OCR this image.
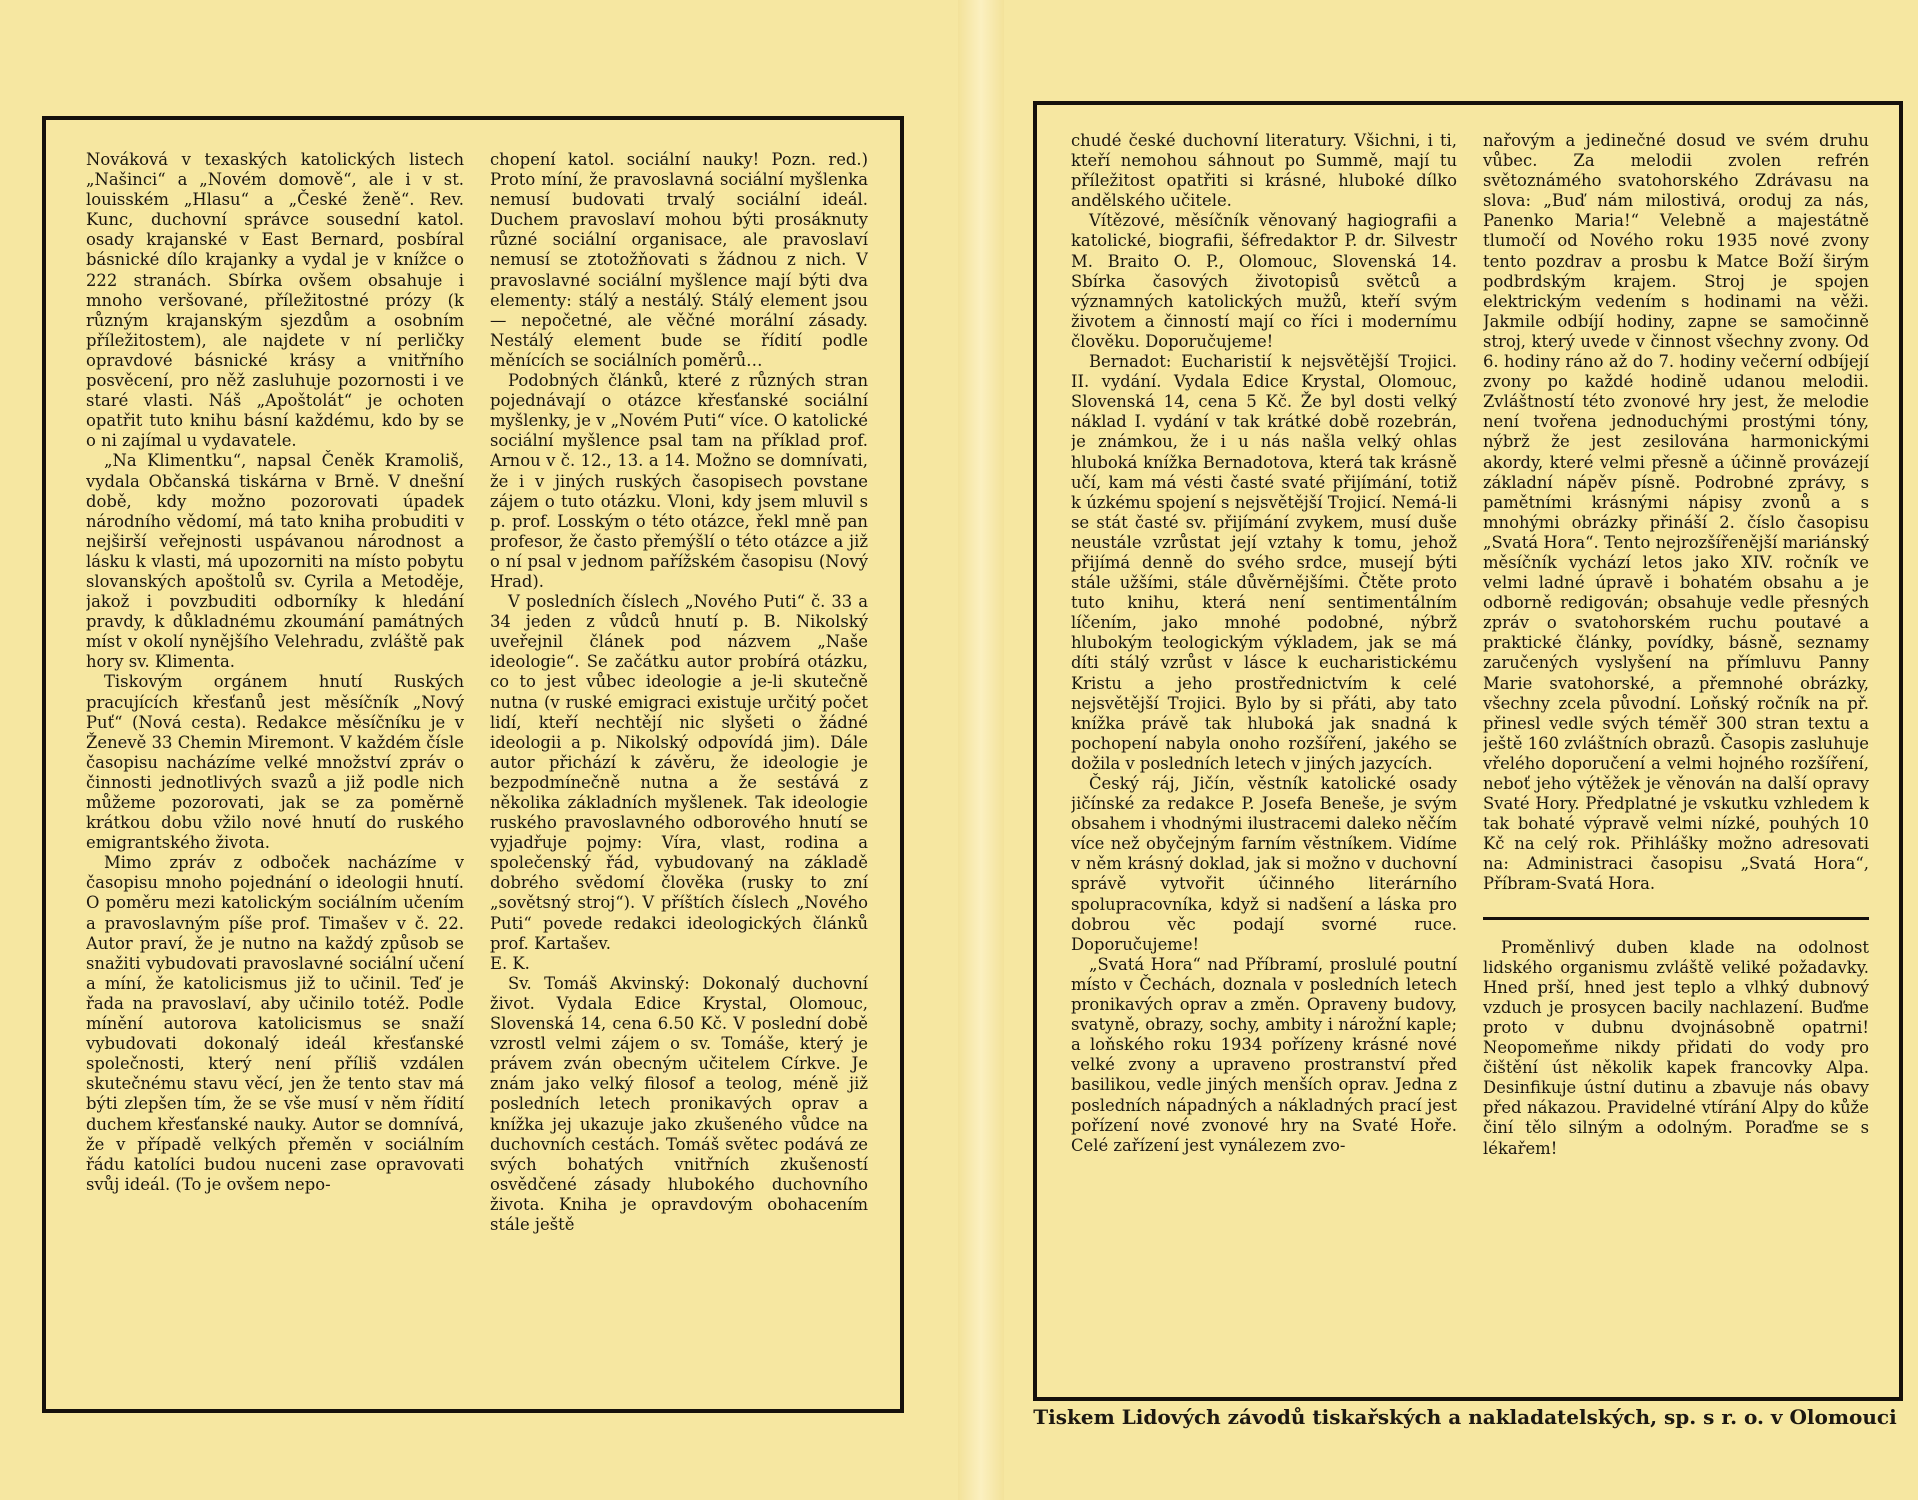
Nováková v texaských katolických listech „Našinci“ a „Novém domově“, ale i v st. louisském „Hlasu“ a „České ženě“. Rev. Kunc, duchovní správce sousední katol. osady krajanské v East Bernard, posbíral básnické dílo krajanky a vydal je v knížce o 222 stranách. Sbírka ovšem obsahuje i mnoho veršované, příležitostné prózy (k různým krajanským sjezdům a osobním příležitostem), ale najdete v ní perličky opravdové básnické krásy a vnitřního posvěcení, pro něž zasluhuje pozornosti i ve staré vlasti. Náš „Apoštolát“ je ochoten opatřit tuto knihu básní každému, kdo by se o ni zajímal u vydavatele.

„Na Klimentku“, napsal Čeněk Kramoliš, vydala Občanská tiskárna v Brně. V dnešní době, kdy možno pozorovati úpadek národního vědomí, má tato kniha probuditi v nejširší veřejnosti uspávanou národnost a lásku k vlasti, má upozorniti na místo pobytu slovanských apoštolů sv. Cyrila a Metoděje, jakož i povzbuditi odborníky k hledání pravdy, k důkladnému zkoumání památných míst v okolí nynějšího Velehradu, zvláště pak hory sv. Klimenta.

Tiskovým orgánem hnutí Ruských pracujících křesťanů jest měsíčník „Nový Puť“ (Nová cesta). Redakce měsíčníku je v Ženevě 33 Chemin Miremont. V každém čísle časopisu nacházíme velké množství zpráv o činnosti jednotlivých svazů a již podle nich můžeme pozorovati, jak se za poměrně krátkou dobu vžilo nové hnutí do ruského emigrantského života.

Mimo zpráv z odboček nacházíme v časopisu mnoho pojednání o ideologii hnutí. O poměru mezi katolickým sociálním učením a pravoslavným píše prof. Timašev v č. 22. Autor praví, že je nutno na každý způsob se snažiti vybudovati pravoslavné sociální učení a míní, že katolicismus již to učinil. Teď je řada na pravoslaví, aby učinilo totéž. Podle mínění autorova katolicismus se snaží vybudovati dokonalý ideál křesťanské společnosti, který není příliš vzdálen skutečnému stavu věcí, jen že tento stav má býti zlepšen tím, že se vše musí v něm řídití duchem křesťanské nauky. Autor se domnívá, že v případě velkých přeměn v sociálním řádu katolíci budou nuceni zase opravovati svůj ideál. (To je ovšem nepo-

chopení katol. sociální nauky! Pozn. red.) Proto míní, že pravoslavná sociální myšlenka nemusí budovati trvalý sociální ideál. Duchem pravoslaví mohou býti prosáknuty různé sociální organisace, ale pravoslaví nemusí se ztotožňovati s žádnou z nich. V pravoslavné sociální myšlence mají býti dva elementy: stálý a nestálý. Stálý element jsou — nepočetné, ale věčné morální zásady. Nestálý element bude se řídití podle měnících se sociálních poměrů…

Podobných článků, které z různých stran pojednávají o otázce křesťanské sociální myšlenky, je v „Novém Puti“ více. O katolické sociální myšlence psal tam na příklad prof. Arnou v č. 12., 13. a 14. Možno se domnívati, že i v jiných ruských časopisech povstane zájem o tuto otázku. Vloni, kdy jsem mluvil s p. prof. Losským o této otázce, řekl mně pan profesor, že často přemýšlí o této otázce a již o ní psal v jednom pařížském časopisu (Nový Hrad).

V posledních číslech „Nového Puti“ č. 33 a 34 jeden z vůdců hnutí p. B. Nikolský uveřejnil článek pod názvem „Naše ideologie“. Se začátku autor probírá otázku, co to jest vůbec ideologie a je-li skutečně nutna (v ruské emigraci existuje určitý počet lidí, kteří nechtějí nic slyšeti o žádné ideologii a p. Nikolský odpovídá jim). Dále autor přichází k závěru, že ideologie je bezpodmínečně nutna a že sestává z několika základních myšlenek. Tak ideologie ruského pravoslavného odborového hnutí se vyjadřuje pojmy: Víra, vlast, rodina a společenský řád, vybudovaný na základě dobrého svědomí člověka (rusky to zní „sovětsný stroj“). V příštích číslech „Nového Puti“ povede redakci ideologických článků prof. Kartašev.

E. K.

Sv. Tomáš Akvinský: Dokonalý duchovní život. Vydala Edice Krystal, Olomouc, Slovenská 14, cena 6.50 Kč. V poslední době vzrostl velmi zájem o sv. Tomáše, který je právem zván obecným učitelem Církve. Je znám jako velký filosof a teolog, méně již posledních letech pronikavých oprav a knížka jej ukazuje jako zkušeného vůdce na duchovních cestách. Tomáš světec podává ze svých bohatých vnitřních zkušeností osvědčené zásady hlubokého duchovního života. Kniha je opravdovým obohacením stále ještě

chudé české duchovní literatury. Všichni, i ti, kteří nemohou sáhnout po Summě, mají tu příležitost opatřiti si krásné, hluboké dílko andělského učitele.

Vítězové, měsíčník věnovaný hagiografii a katolické, biografii, šéfredaktor P. dr. Silvestr M. Braito O. P., Olomouc, Slovenská 14. Sbírka časových životopisů světců a významných katolických mužů, kteří svým životem a činností mají co říci i modernímu člověku. Doporučujeme!

Bernadot: Eucharistií k nejsvětější Trojici. II. vydání. Vydala Edice Krystal, Olomouc, Slovenská 14, cena 5 Kč. Že byl dosti velký náklad I. vydání v tak krátké době rozebrán, je známkou, že i u nás našla velký ohlas hluboká knížka Bernadotova, která tak krásně učí, kam má vésti časté svaté přijímání, totiž k úzkému spojení s nejsvětější Trojicí. Nemá-li se stát časté sv. přijímání zvykem, musí duše neustále vzrůstat její vztahy k tomu, jehož přijímá denně do svého srdce, musejí býti stále užšími, stále důvěrnějšími. Čtěte proto tuto knihu, která není sentimentálním líčením, jako mnohé podobné, nýbrž hlubokým teologickým výkladem, jak se má díti stálý vzrůst v lásce k eucharistickému Kristu a jeho prostřednictvím k celé nejsvětější Trojici. Bylo by si přáti, aby tato knížka právě tak hluboká jak snadná k pochopení nabyla onoho rozšíření, jakého se dožila v posledních letech v jiných jazycích.

Český ráj, Jičín, věstník katolické osady jičínské za redakce P. Josefa Beneše, je svým obsahem i vhodnými ilustracemi daleko něčím více než obyčejným farním věstníkem. Vidíme v něm krásný doklad, jak si možno v duchovní správě vytvořit účinného literárního spolupracovníka, když si nadšení a láska pro dobrou věc podají svorné ruce. Doporučujeme!

„Svatá Hora“ nad Příbramí, proslulé poutní místo v Čechách, doznala v posledních letech pronikavých oprav a změn. Opraveny budovy, svatyně, obrazy, sochy, ambity i nárožní kaple; a loňského roku 1934 pořízeny krásné nové velké zvony a upraveno prostranství před basilikou, vedle jiných menších oprav. Jedna z posledních nápadných a nákladných prací jest pořízení nové zvonové hry na Svaté Hoře. Celé zařízení jest vynálezem zvo-

nařovým a jedinečné dosud ve svém druhu vůbec. Za melodii zvolen refrén světoznámého svatohorského Zdrávasu na slova: „Buď nám milostivá, oroduj za nás, Panenko Maria!“ Velebně a majestátně tlumočí od Nového roku 1935 nové zvony tento pozdrav a prosbu k Matce Boží širým podbrdským krajem. Stroj je spojen elektrickým vedením s hodinami na věži. Jakmile odbíjí hodiny, zapne se samočinně stroj, který uvede v činnost všechny zvony. Od 6. hodiny ráno až do 7. hodiny večerní odbíjejí zvony po každé hodině udanou melodii. Zvláštností této zvonové hry jest, že melodie není tvořena jednoduchými prostými tóny, nýbrž že jest zesilována harmonickými akordy, které velmi přesně a účinně provázejí základní nápěv písně. Podrobné zprávy, s pamětními krásnými nápisy zvonů a s mnohými obrázky přináší 2. číslo časopisu „Svatá Hora“. Tento nejrozšířenější mariánský měsíčník vychází letos jako XIV. ročník ve velmi ladné úpravě i bohatém obsahu a je odborně redigován; obsahuje vedle přesných zpráv o svatohorském ruchu poutavé a praktické články, povídky, básně, seznamy zaručených vyslyšení na přímluvu Panny Marie svatohorské, a přemnohé obrázky, všechny zcela původní. Loňský ročník na př. přinesl vedle svých téměř 300 stran textu a ještě 160 zvláštních obrazů. Časopis zasluhuje vřelého doporučení a velmi hojného rozšíření, neboť jeho výtěžek je věnován na další opravy Svaté Hory. Předplatné je vskutku vzhledem k tak bohaté výpravě velmi nízké, pouhých 10 Kč na celý rok. Přihlášky možno adresovati na: Administraci časopisu „Svatá Hora“, Příbram-Svatá Hora.

Proměnlivý duben klade na odolnost lidského organismu zvláště veliké požadavky. Hned prší, hned jest teplo a vlhký dubnový vzduch je prosycen bacily nachlazení. Buďme proto v dubnu dvojnásobně opatrni! Neopomeňme nikdy přidati do vody pro čištění úst několik kapek francovky Alpa. Desinfikuje ústní dutinu a zbavuje nás obavy před nákazou. Pravidelné vtírání Alpy do kůže činí tělo silným a odolným. Poraďme se s lékařem!

Tiskem Lidových závodů tiskařských a nakladatelských, sp. s r. o. v Olomouci
